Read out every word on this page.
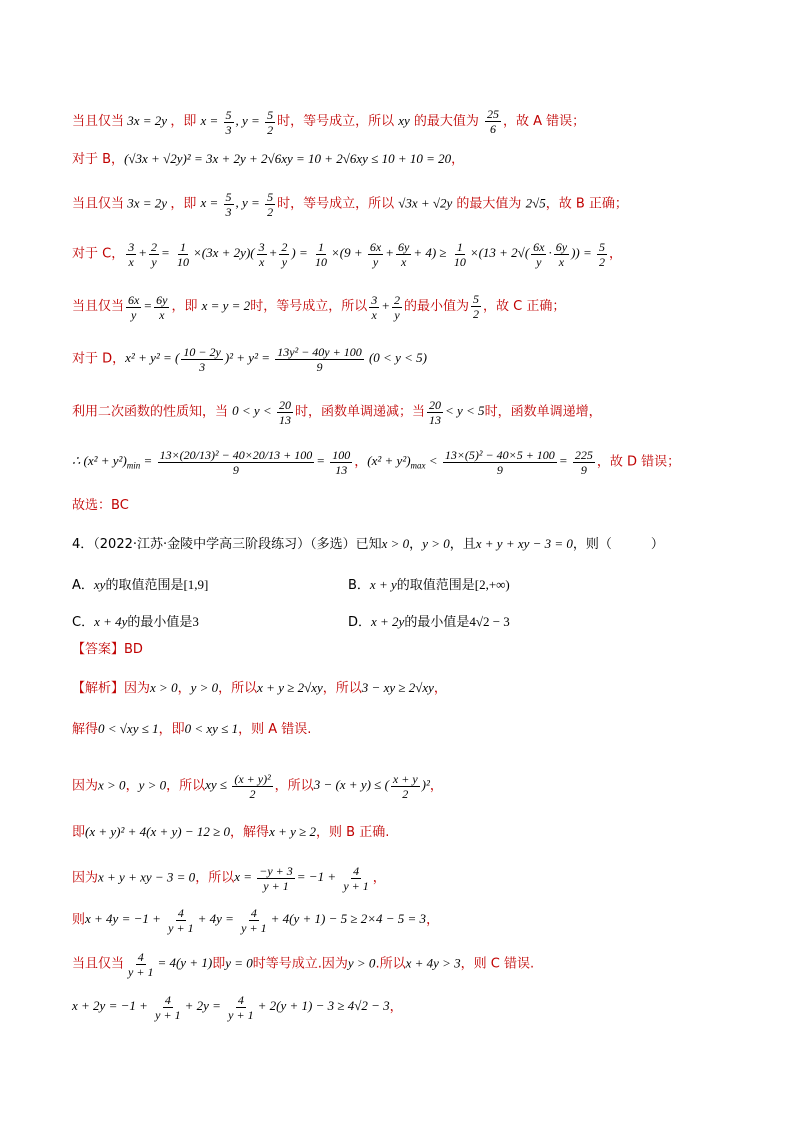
当且仅当 3x = 2y ，即 $x = \frac{5}{3}$ , $y = \frac{5}{2}$ 时，等号成立，所以 xy 的最大值为 $\frac{25}{6}$ ，故 A 错误；
对于 B，(√3x + √2y)² = 3x + 2y + 2√6xy = 10 + 2√6xy ≤ 10 + 10 = 20，
当且仅当 3x = 2y ，即 $x = \frac{5}{3}$ , $y = \frac{5}{2}$ 时，等号成立，所以 √3x + √2y 的最大值为 2√5，故 B 正确；
对于 C， $\frac{3}{x} + \frac{2}{y} = \frac{1}{10} \times(3x + 2y)( \frac{3}{x} + \frac{2}{y}$ ) = $\frac{1}{10} \times(9 + \frac{6x}{y} + \frac{6y}{x} + 4) \ge \frac{1}{10} \times(13 + 2√( \frac{6x}{y} \cdot \frac{6y}{x}$ )) = $\frac{5}{2}$ ，
当且仅当 $\frac{6x}{y} = \frac{6y}{x}$ ，即 x = y = 2时，等号成立，所以 $\frac{3}{x} + \frac{2}{y}$ 的最小值为 $\frac{5}{2}$ ，故 C 正确；
对于 D，x² + y² = ( $\frac{10 - 2y}{3} )^2 + y^2 = \frac{\text{13y² − 40y + 100}}{9} (0 < y < 5)$
利用二次函数的性质知，当 $0 < y < \frac{20}{13}$ 时，函数单调递减；当 $\frac{20}{13} < y < 5$时，函数单调递增，
∴ $(x^2 + y^2)_{min} = \frac{\text{13×(20/13)² − 40×20/13 + 100}}{9} = \frac{100}{13}$ ，$(x^2 + y^2)_{max} < \frac{\text{13×(5)² − 40×5 + 100}}{9} = \frac{225}{9}$ ，故 D 错误；
故选：BC
4．（2022·江苏·金陵中学高三阶段练习）（多选）已知x > 0，y > 0，且x + y + xy − 3 = 0，则（　　　）
A．xy的取值范围是[1,9]	B．x + y的取值范围是[2,+∞)
C．x + 4y的最小值是3	D．x + 2y的最小值是4√2 − 3
【答案】BD
【解析】因为x > 0，y > 0，所以x + y ≥ 2√xy，所以3 − xy ≥ 2√xy，
解得0 < √xy ≤ 1，即0 < xy ≤ 1，则 A 错误.
因为x > 0，y > 0，所以xy ≤ $\frac{\text{(x + y)²}}{2}$ ，所以3 − (x + y) ≤ ( $\frac{x + y}{2} )^2$，
即(x + y)² + 4(x + y) − 12 ≥ 0，解得x + y ≥ 2，则 B 正确.
因为x + y + xy − 3 = 0，所以$x = \frac{-y + 3}{y + 1} = -1 + \frac{4}{y + 1}$ ，
则$x + 4y = -1 + \frac{4}{y + 1} + 4y = \frac{4}{y + 1} + 4(y + 1) - 5 \ge 2\times 4 - 5 = 3$，
当且仅当 $\frac{4}{y + 1} = 4(y + 1)$即y = 0时等号成立.因为y > 0.所以x + 4y > 3，则 C 错误.
$x + 2y = -1 + \frac{4}{y + 1} + 2y = \frac{4}{y + 1} + 2(y + 1) - 3 \ge 4√2 - 3$，
